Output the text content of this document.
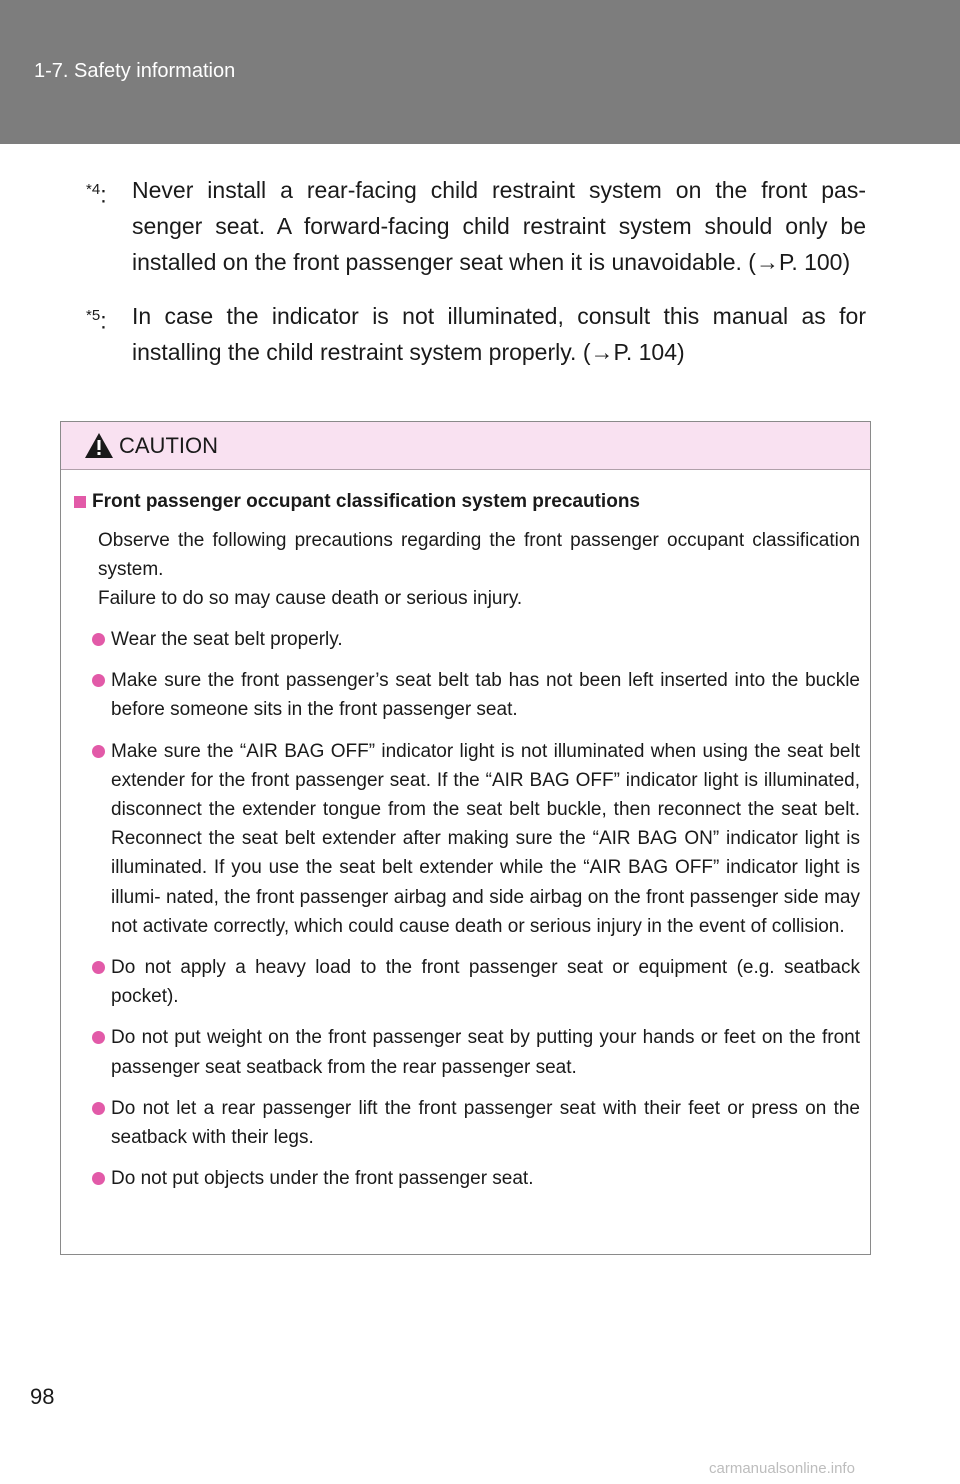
1-7. Safety information
$^{*4}$: Never install a rear-facing child restraint system on the front pas- senger seat. A forward-facing child restraint system should only be installed on the front passenger seat when it is unavoidable. (→P. 100)
$^{*5}$: In case the indicator is not illuminated, consult this manual as for installing the child restraint system properly. (→P. 104)
CAUTION
Front passenger occupant classification system precautions
Observe the following precautions regarding the front passenger occupant classification system.
Failure to do so may cause death or serious injury.
Wear the seat belt properly.
Make sure the front passenger’s seat belt tab has not been left inserted into the buckle before someone sits in the front passenger seat.
Make sure the “AIR BAG OFF” indicator light is not illuminated when using the seat belt extender for the front passenger seat. If the “AIR BAG OFF” indicator light is illuminated, disconnect the extender tongue from the seat belt buckle, then reconnect the seat belt. Reconnect the seat belt extender after making sure the “AIR BAG ON” indicator light is illuminated. If you use the seat belt extender while the “AIR BAG OFF” indicator light is illumi- nated, the front passenger airbag and side airbag on the front passenger side may not activate correctly, which could cause death or serious injury in the event of collision.
Do not apply a heavy load to the front passenger seat or equipment (e.g. seatback pocket).
Do not put weight on the front passenger seat by putting your hands or feet on the front passenger seat seatback from the rear passenger seat.
Do not let a rear passenger lift the front passenger seat with their feet or press on the seatback with their legs.
Do not put objects under the front passenger seat.
98
carmanualsonline.info
